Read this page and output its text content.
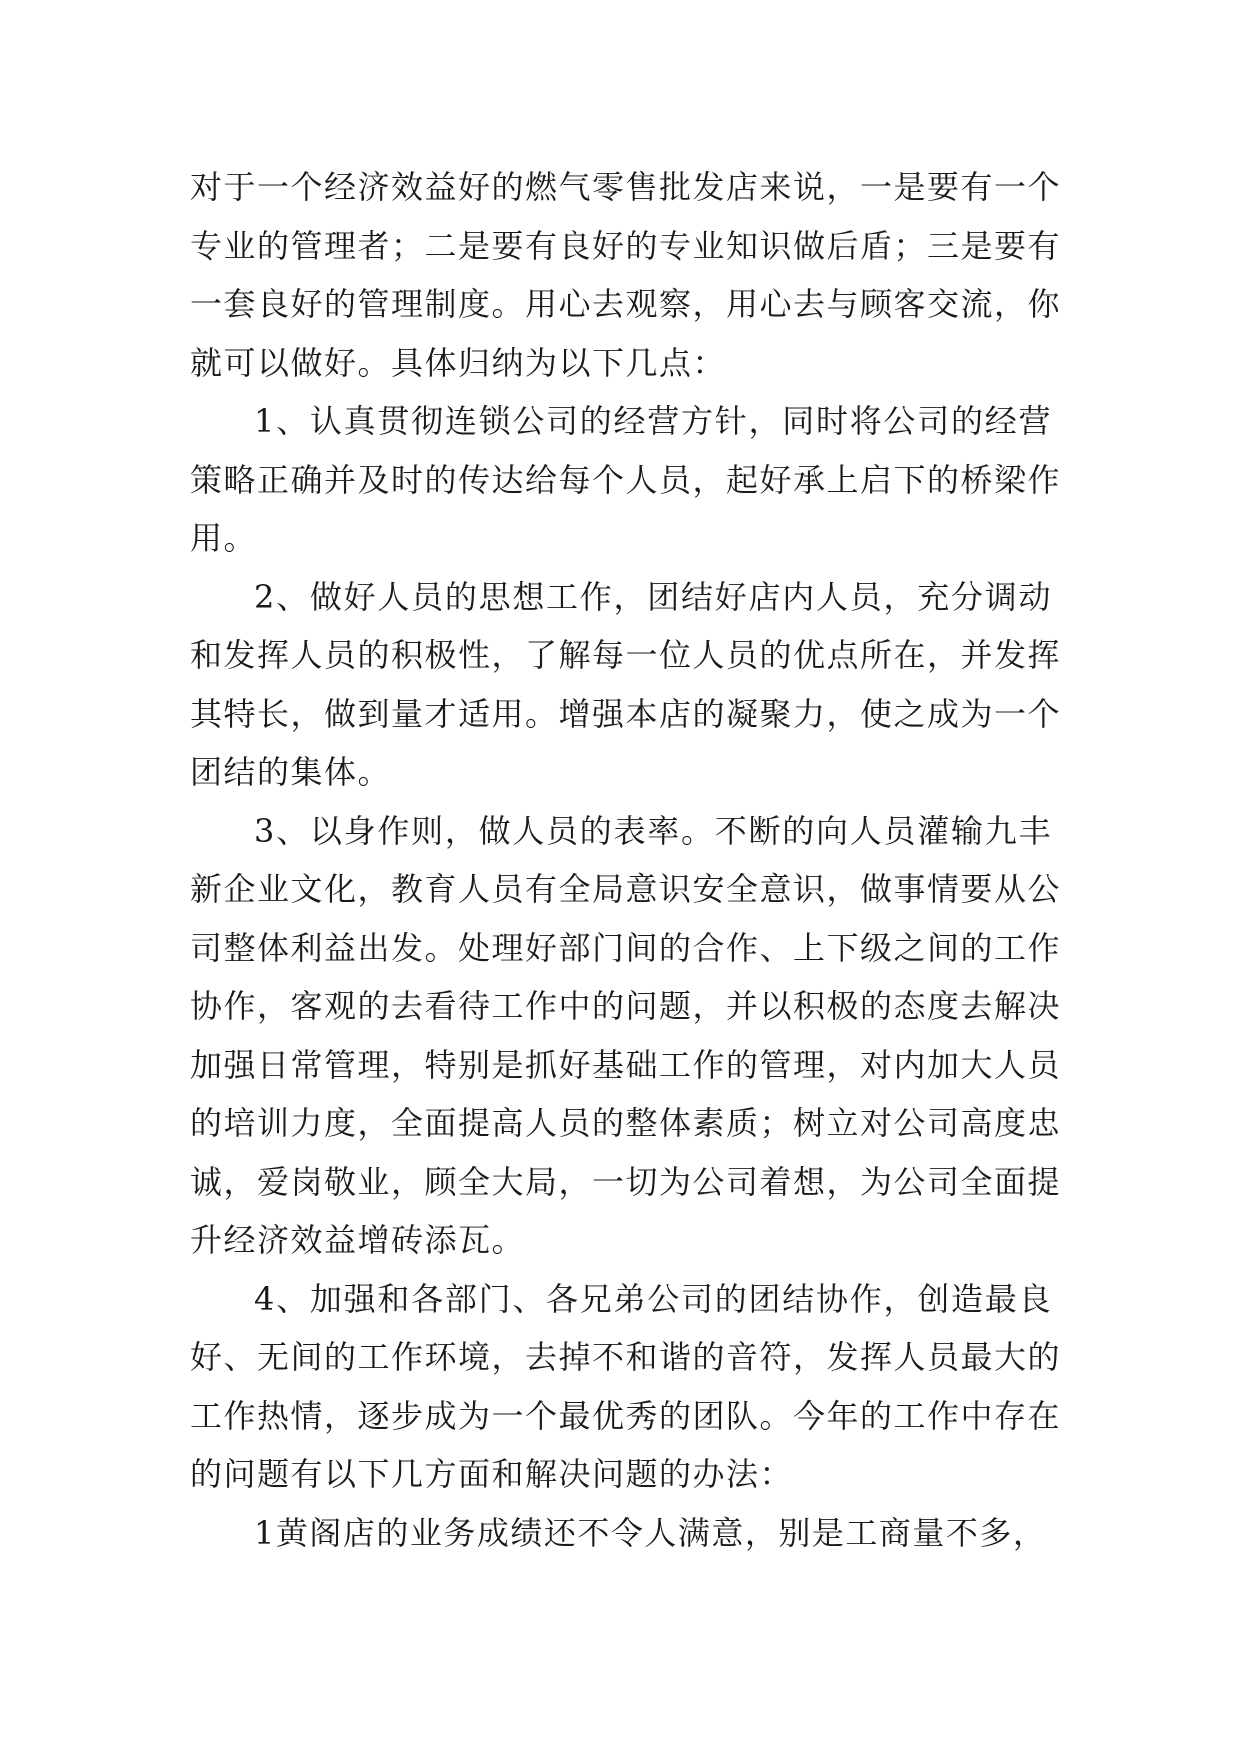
对于一个经济效益好的燃气零售批发店来说，一是要有一个
专业的管理者；二是要有良好的专业知识做后盾；三是要有
一套良好的管理制度。用心去观察，用心去与顾客交流，你
就可以做好。具体归纳为以下几点：

1、认真贯彻连锁公司的经营方针，同时将公司的经营
策略正确并及时的传达给每个人员，起好承上启下的桥梁作
用。

2、做好人员的思想工作，团结好店内人员，充分调动
和发挥人员的积极性，了解每一位人员的优点所在，并发挥
其特长，做到量才适用。增强本店的凝聚力，使之成为一个
团结的集体。

3、以身作则，做人员的表率。不断的向人员灌输九丰
新企业文化，教育人员有全局意识安全意识，做事情要从公
司整体利益出发。处理好部门间的合作、上下级之间的工作
协作，客观的去看待工作中的问题，并以积极的态度去解决
加强日常管理，特别是抓好基础工作的管理，对内加大人员
的培训力度，全面提高人员的整体素质；树立对公司高度忠
诚，爱岗敬业，顾全大局，一切为公司着想，为公司全面提
升经济效益增砖添瓦。

4、加强和各部门、各兄弟公司的团结协作，创造最良
好、无间的工作环境，去掉不和谐的音符，发挥人员最大的
工作热情，逐步成为一个最优秀的团队。今年的工作中存在
的问题有以下几方面和解决问题的办法：

1黄阁店的业务成绩还不令人满意，别是工商量不多，
